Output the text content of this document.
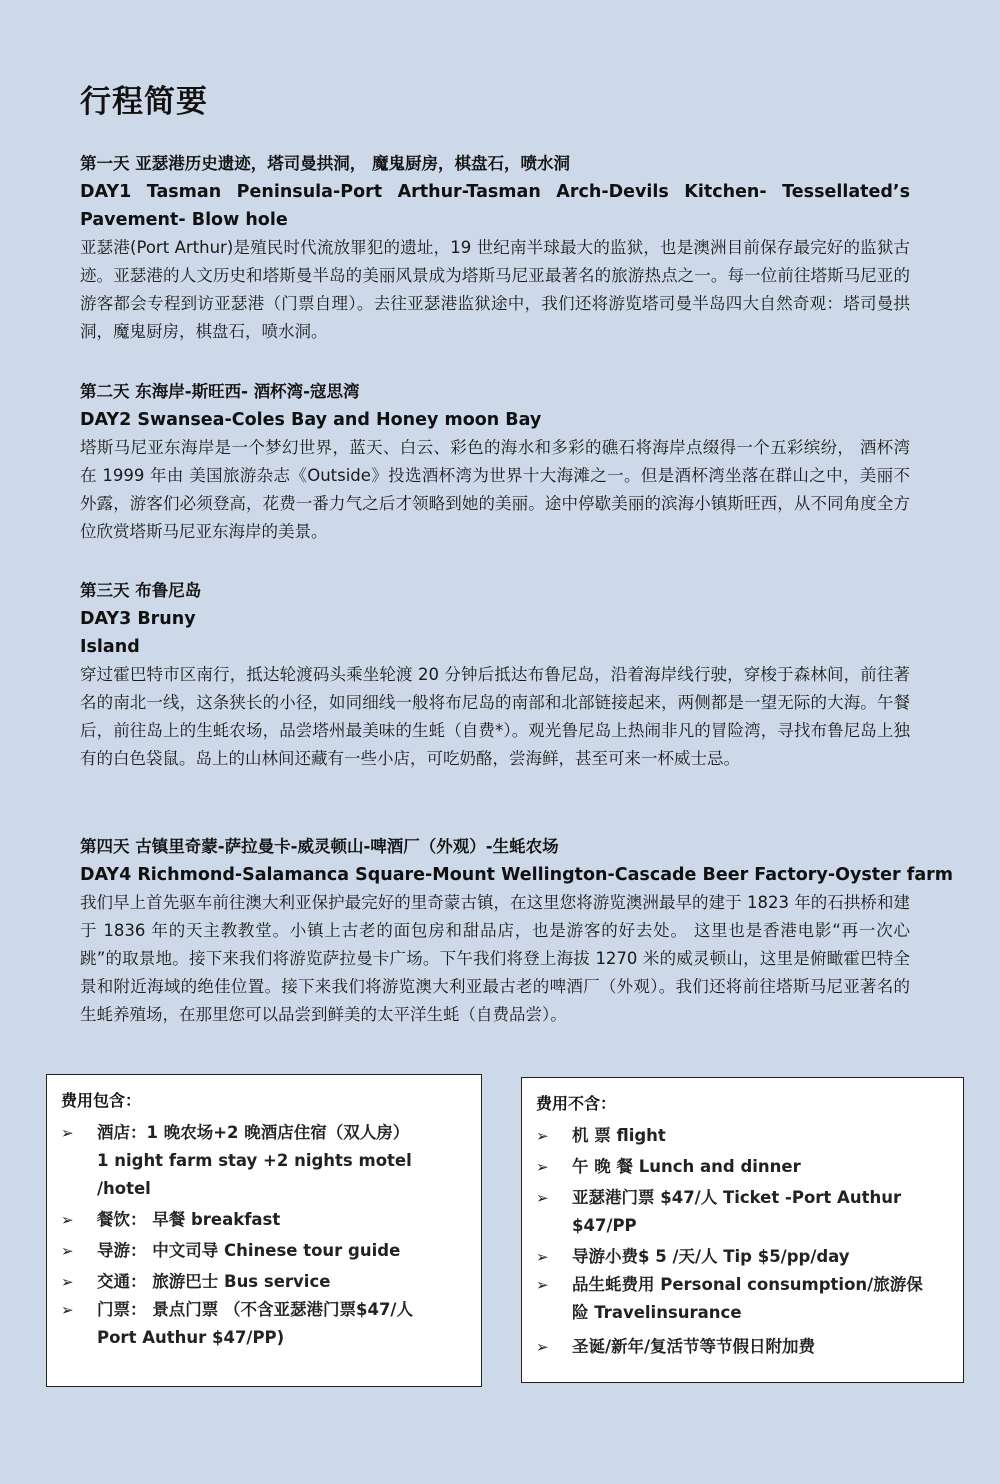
行程简要
第一天 亚瑟港历史遗迹，塔司曼拱洞， 魔鬼厨房，棋盘石，喷水洞
DAY1 Tasman Peninsula-Port Arthur-Tasman Arch-Devils Kitchen- Tessellated’s Pavement- Blow hole
亚瑟港(Port Arthur)是殖民时代流放罪犯的遗址，19 世纪南半球最大的监狱，也是澳洲目前保存最完好的监狱古迹。亚瑟港的人文历史和塔斯曼半岛的美丽风景成为塔斯马尼亚最著名的旅游热点之一。每一位前往塔斯马尼亚的游客都会专程到访亚瑟港（门票自理）。去往亚瑟港监狱途中，我们还将游览塔司曼半岛四大自然奇观：塔司曼拱洞，魔鬼厨房，棋盘石，喷水洞。
第二天 东海岸-斯旺西- 酒杯湾-寇思湾
DAY2 Swansea-Coles Bay and Honey moon Bay
塔斯马尼亚东海岸是一个梦幻世界，蓝天、白云、彩色的海水和多彩的礁石将海岸点缀得一个五彩缤纷， 酒杯湾在 1999 年由 美国旅游杂志《Outside》投选酒杯湾为世界十大海滩之一。但是酒杯湾坐落在群山之中，美丽不外露，游客们必须登高，花费一番力气之后才领略到她的美丽。途中停歇美丽的滨海小镇斯旺西，从不同角度全方位欣赏塔斯马尼亚东海岸的美景。
第三天 布鲁尼岛
DAY3 Bruny Island
穿过霍巴特市区南行，抵达轮渡码头乘坐轮渡 20 分钟后抵达布鲁尼岛，沿着海岸线行驶，穿梭于森林间，前往著名的南北一线，这条狭长的小径，如同细线一般将布尼岛的南部和北部链接起来，两侧都是一望无际的大海。午餐后，前往岛上的生蚝农场，品尝塔州最美味的生蚝（自费*）。观光鲁尼岛上热闹非凡的冒险湾，寻找布鲁尼岛上独有的白色袋鼠。岛上的山林间还藏有一些小店，可吃奶酪，尝海鲜，甚至可来一杯威士忌。
第四天 古镇里奇蒙-萨拉曼卡-威灵顿山-啤酒厂（外观）-生蚝农场
DAY4 Richmond-Salamanca Square-Mount Wellington-Cascade Beer Factory-Oyster farm
我们早上首先驱车前往澳大利亚保护最完好的里奇蒙古镇，在这里您将游览澳洲最早的建于 1823 年的石拱桥和建于 1836 年的天主教教堂。小镇上古老的面包房和甜品店，也是游客的好去处。 这里也是香港电影“再一次心跳”的取景地。接下来我们将游览萨拉曼卡广场。下午我们将登上海拔 1270 米的威灵顿山，这里是俯瞰霍巴特全景和附近海域的绝佳位置。接下来我们将游览澳大利亚最古老的啤酒厂（外观）。我们还将前往塔斯马尼亚著名的生蚝养殖场，在那里您可以品尝到鲜美的太平洋生蚝（自费品尝）。
费用包含：
➢ 酒店：1 晚农场+2 晚酒店住宿（双人房）
1 night farm stay +2 nights motel /hotel
➢ 餐饮： 早餐 breakfast
➢ 导游： 中文司导 Chinese tour guide
➢ 交通： 旅游巴士 Bus service
➢ 门票： 景点门票 （不含亚瑟港门票$47/人
Port Authur $47/PP)
费用不含：
➢ 机 票 flight
➢ 午 晚 餐 Lunch and dinner
➢ 亚瑟港门票 $47/人 Ticket -Port Authur
$47/PP
➢ 导游小费$ 5 /天/人 Tip $5/pp/day
➢ 品生蚝费用 Personal consumption/旅游保
险 Travelinsurance
➢ 圣诞/新年/复活节等节假日附加费
